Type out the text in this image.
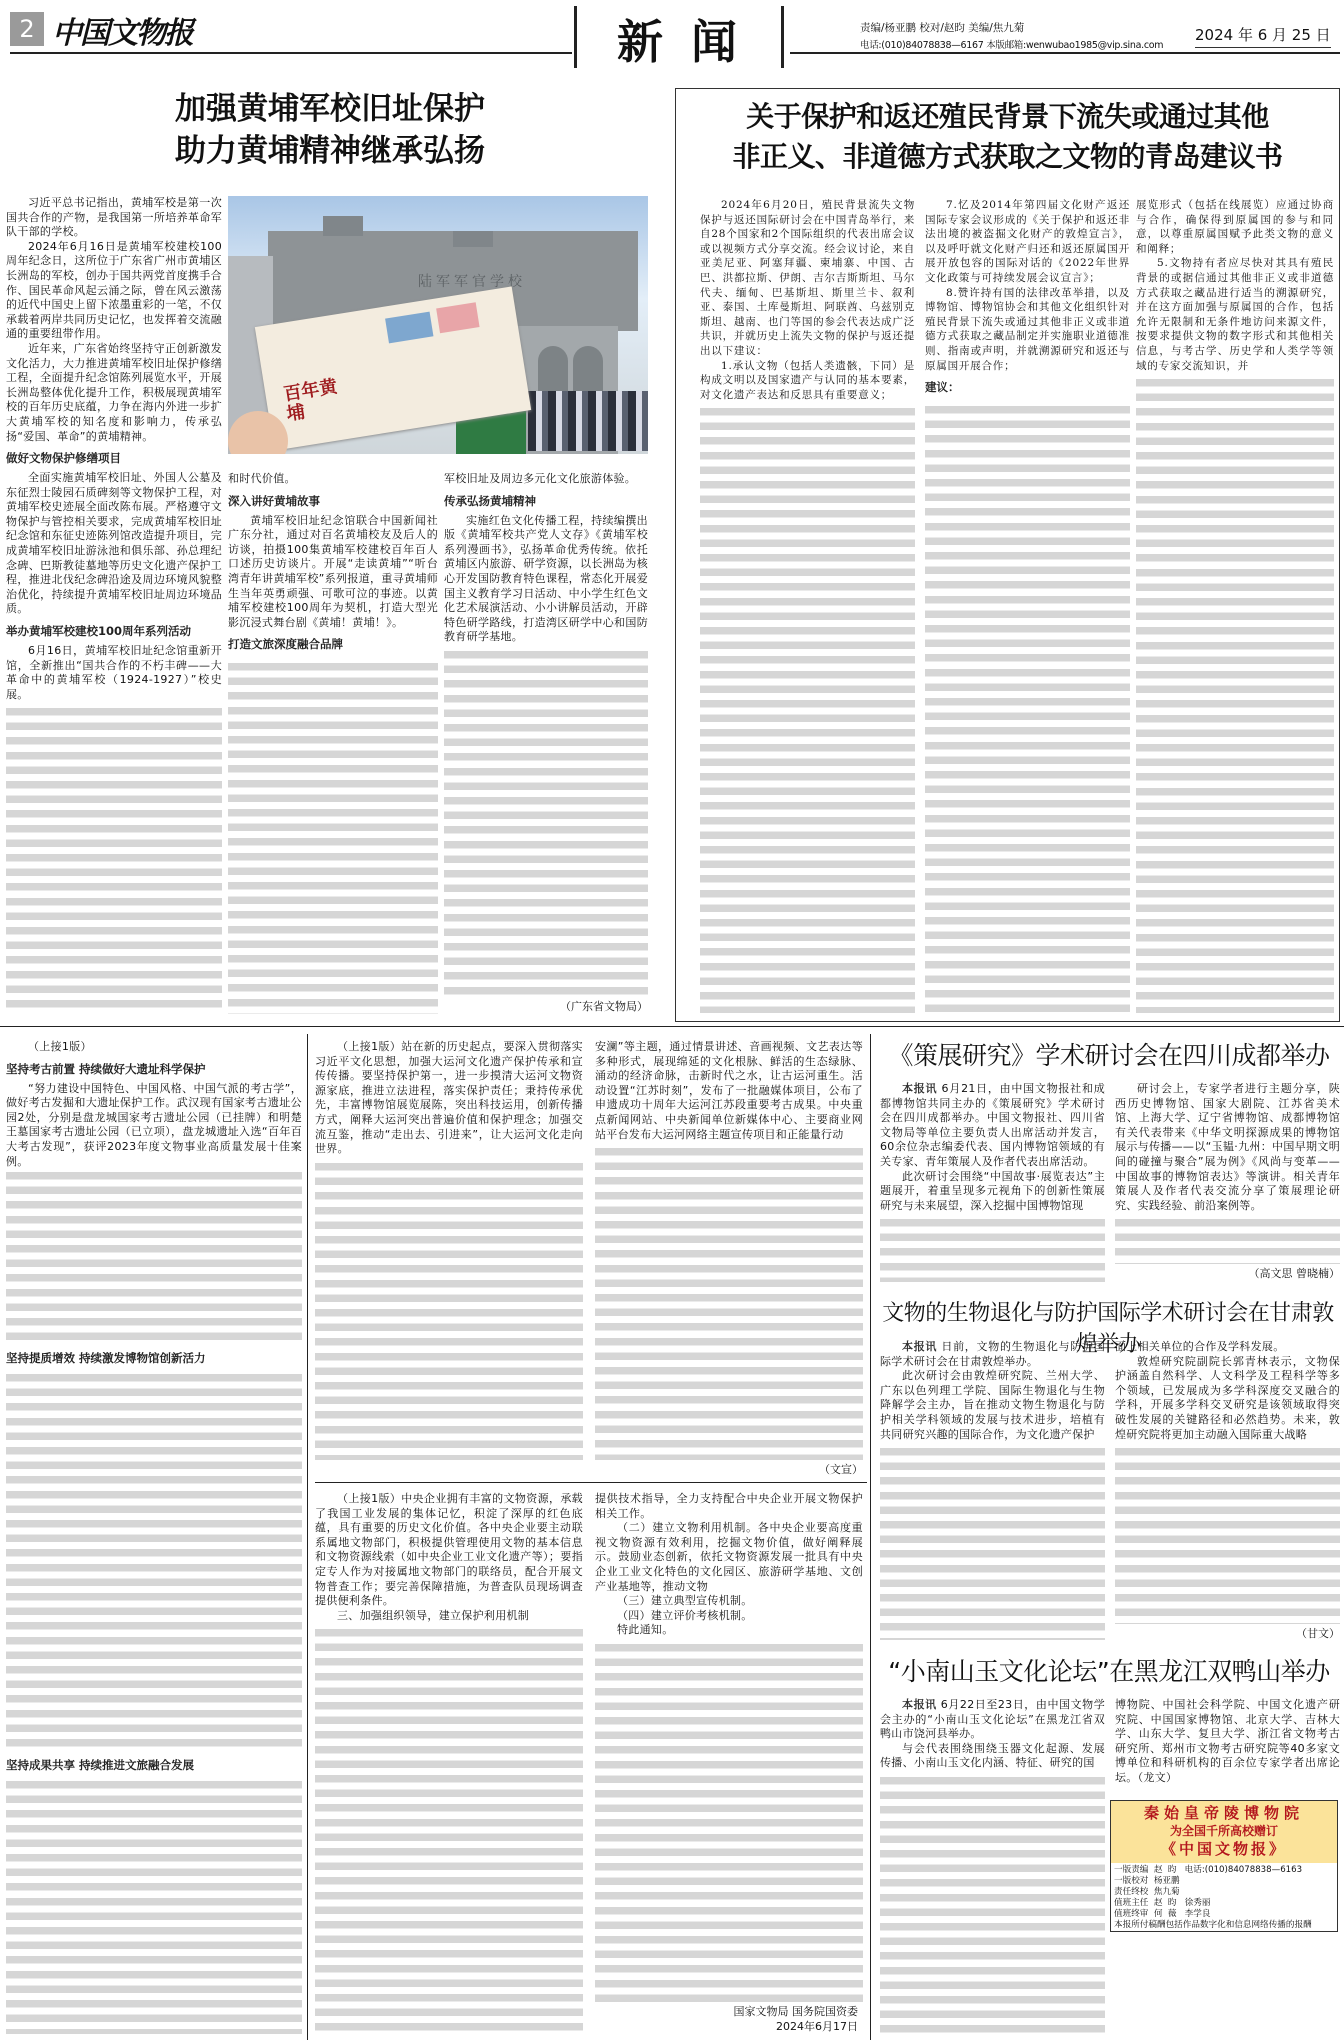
2 中国文物报	新 闻	责编/杨亚鹏 校对/赵昀 美编/焦九菊
电话:(010)84078838—6167 本版邮箱:wenwubao1985@vip.sina.com
2024 年 6 月 25 日
加强黄埔军校旧址保护
助力黄埔精神继承弘扬

习近平总书记指出，黄埔军校是第一次国共合作的产物，是我国第一所培养革命军队干部的学校。

2024年6月16日是黄埔军校建校100周年纪念日，这所位于广东省广州市黄埔区长洲岛的军校，创办于国共两党首度携手合作、国民革命风起云涌之际，曾在风云激荡的近代中国史上留下浓墨重彩的一笔，不仅承载着两岸共同历史记忆，也发挥着交流融通的重要纽带作用。

近年来，广东省始终坚持守正创新激发文化活力，大力推进黄埔军校旧址保护修缮工程，全面提升纪念馆陈列展览水平，开展长洲岛整体优化提升工作，积极展现黄埔军校的百年历史底蕴，力争在海内外进一步扩大黄埔军校的知名度和影响力，传承弘扬“爱国、革命”的黄埔精神。

做好文物保护修缮项目

全面实施黄埔军校旧址、外国人公墓及东征烈士陵园石质碑刻等文物保护工程，对黄埔军校史迹展全面改陈布展。严格遵守文物保护与管控相关要求，完成黄埔军校旧址纪念馆和东征史迹陈列馆改造提升项目，完成黄埔军校旧址游泳池和俱乐部、孙总理纪念碑、巴斯教徒墓地等历史文化遗产保护工程，推进北伐纪念碑沿途及周边环境风貌整治优化，持续提升黄埔军校旧址周边环境品质。

举办黄埔军校建校100周年系列活动

6月16日，黄埔军校旧址纪念馆重新开馆，全新推出“国共合作的不朽丰碑——大革命中的黄埔军校（1924-1927）”校史展。

陆军军官学校
百年黄埔

和时代价值。

深入讲好黄埔故事

黄埔军校旧址纪念馆联合中国新闻社广东分社，通过对百名黄埔校友及后人的访谈，拍摄100集黄埔军校建校百年百人口述历史访谈片。开展“走读黄埔”“听台湾青年讲黄埔军校”系列报道，重寻黄埔师生当年英勇顽强、可歌可泣的事迹。以黄埔军校建校100周年为契机，打造大型光影沉浸式舞台剧《黄埔！黄埔！》。

打造文旅深度融合品牌

军校旧址及周边多元化文化旅游体验。

传承弘扬黄埔精神

实施红色文化传播工程，持续编撰出版《黄埔军校共产党人文存》《黄埔军校系列漫画书》，弘扬革命优秀传统。依托黄埔区内旅游、研学资源，以长洲岛为核心开发国防教育特色课程，常态化开展爱国主义教育学习日活动、中小学生红色文化艺术展演活动、小小讲解员活动，开辟特色研学路线，打造湾区研学中心和国防教育研学基地。

（广东省文物局）
关于保护和返还殖民背景下流失或通过其他
非正义、非道德方式获取之文物的青岛建议书

2024年6月20日，殖民背景流失文物保护与返还国际研讨会在中国青岛举行，来自28个国家和2个国际组织的代表出席会议或以视频方式分享交流。经会议讨论，来自亚美尼亚、阿塞拜疆、柬埔寨、中国、古巴、洪都拉斯、伊朗、吉尔吉斯斯坦、马尔代夫、缅甸、巴基斯坦、斯里兰卡、叙利亚、泰国、土库曼斯坦、阿联酋、乌兹别克斯坦、越南、也门等国的参会代表达成广泛共识，并就历史上流失文物的保护与返还提出以下建议：

1.承认文物（包括人类遗骸，下同）是构成文明以及国家遗产与认同的基本要素，对文化遗产表达和反思具有重要意义；

7.忆及2014年第四届文化财产返还国际专家会议形成的《关于保护和返还非法出境的被盗掘文化财产的敦煌宣言》，以及呼吁就文化财产归还和返还原属国开展开放包容的国际对话的《2022年世界文化政策与可持续发展会议宣言》；

8.赞许持有国的法律改革举措，以及博物馆、博物馆协会和其他文化组织针对殖民背景下流失或通过其他非正义或非道德方式获取之藏品制定并实施职业道德准则、指南或声明，并就溯源研究和返还与原属国开展合作；

建议：

展览形式（包括在线展览）应通过协商与合作，确保得到原属国的参与和同意，以尊重原属国赋予此类文物的意义和阐释；

5.文物持有者应尽快对其具有殖民背景的或据信通过其他非正义或非道德方式获取之藏品进行适当的溯源研究，并在这方面加强与原属国的合作，包括允许无限制和无条件地访问来源文件，按要求提供文物的数字形式和其他相关信息，与考古学、历史学和人类学等领域的专家交流知识，并

（上接1版）

坚持考古前置 持续做好大遗址科学保护

“努力建设中国特色、中国风格、中国气派的考古学”，做好考古发掘和大遗址保护工作。武汉现有国家考古遗址公园2处，分别是盘龙城国家考古遗址公园（已挂牌）和明楚王墓国家考古遗址公园（已立项），盘龙城遗址入选“百年百大考古发现”，获评2023年度文物事业高质量发展十佳案例。

坚持提质增效 持续激发博物馆创新活力
坚持成果共享 持续推进文旅融合发展

（上接1版）站在新的历史起点，要深入贯彻落实习近平文化思想，加强大运河文化遗产保护传承和宣传传播。要坚持保护第一，进一步摸清大运河文物资源家底，推进立法进程，落实保护责任；秉持传承优先，丰富博物馆展览展陈，突出科技运用，创新传播方式，阐释大运河突出普遍价值和保护理念；加强交流互鉴，推动“走出去、引进来”，让大运河文化走向世界。

安澜”等主题，通过情景讲述、音画视频、文艺表达等多种形式，展现绵延的文化根脉、鲜活的生态绿脉、涌动的经济命脉，击新时代之水，让古运河重生。活动设置“江苏时刻”，发布了一批融媒体项目，公布了申遗成功十周年大运河江苏段重要考古成果。中央重点新闻网站、中央新闻单位新媒体中心、主要商业网站平台发布大运河网络主题宣传项目和正能量行动

（文宣）

（上接1版）中央企业拥有丰富的文物资源，承载了我国工业发展的集体记忆，积淀了深厚的红色底蕴，具有重要的历史文化价值。各中央企业要主动联系属地文物部门，积极提供管理使用文物的基本信息和文物资源线索（如中央企业工业文化遗产等）；要指定专人作为对接属地文物部门的联络员，配合开展文物普查工作；要完善保障措施，为普查队员现场调查提供便利条件。

三、加强组织领导，建立保护利用机制

提供技术指导，全力支持配合中央企业开展文物保护相关工作。

（二）建立文物利用机制。各中央企业要高度重视文物资源有效利用，挖掘文物价值，做好阐释展示。鼓励业态创新，依托文物资源发展一批具有中央企业工业文化特色的文化园区、旅游研学基地、文创产业基地等，推动文物

（三）建立典型宣传机制。

（四）建立评价考核机制。

特此通知。

国家文物局 国务院国资委
2024年6月17日
《策展研究》学术研讨会在四川成都举办

本报讯 6月21日，由中国文物报社和成都博物馆共同主办的《策展研究》学术研讨会在四川成都举办。中国文物报社、四川省文物局等单位主要负责人出席活动并发言，60余位杂志编委代表、国内博物馆领域的有关专家、青年策展人及作者代表出席活动。

此次研讨会围绕“中国故事·展览表达”主题展开，着重呈现多元视角下的创新性策展研究与未来展望，深入挖掘中国博物馆现

研讨会上，专家学者进行主题分享，陕西历史博物馆、国家大剧院、江苏省美术馆、上海大学、辽宁省博物馆、成都博物馆有关代表带来《中华文明探源成果的博物馆展示与传播——以“玉韫·九州：中国早期文明间的碰撞与聚合”展为例》《风尚与变革——中国故事的博物馆表达》等演讲。相关青年策展人及作者代表交流分享了策展理论研究、实践经验、前沿案例等。

（高文思 曾晓楠）
文物的生物退化与防护国际学术研讨会在甘肃敦煌举办

本报讯 日前，文物的生物退化与防护国际学术研讨会在甘肃敦煌举办。

此次研讨会由敦煌研究院、兰州大学、广东以色列理工学院、国际生物退化与生物降解学会主办，旨在推动文物生物退化与防护相关学科领域的发展与技术进步，培植有共同研究兴趣的国际合作，为文化遗产保护

面上相关单位的合作及学科发展。

敦煌研究院副院长郭青林表示，文物保护涵盖自然科学、人文科学及工程科学等多个领域，已发展成为多学科深度交叉融合的学科，开展多学科交叉研究是该领域取得突破性发展的关键路径和必然趋势。未来，敦煌研究院将更加主动融入国际重大战略

（甘文）
“小南山玉文化论坛”在黑龙江双鸭山举办

本报讯 6月22日至23日，由中国文物学会主办的“小南山玉文化论坛”在黑龙江省双鸭山市饶河县举办。

与会代表围绕围绕玉器文化起源、发展传播、小南山玉文化内涵、特征、研究的国

博物院、中国社会科学院、中国文化遗产研究院、中国国家博物馆、北京大学、吉林大学、山东大学、复旦大学、浙江省文物考古研究所、郑州市文物考古研究院等40多家文博单位和科研机构的百余位专家学者出席论坛。（龙文）

秦始皇帝陵博物院
为全国千所高校赠订
《中国文物报》
一版责编  赵  昀   电话:(010)84078838—6163
一版校对  杨亚鹏
责任终校  焦九菊
值班主任  赵  昀   徐秀丽
值班终审  何  薇   李学良
本报所付稿酬包括作品数字化和信息网络传播的报酬
